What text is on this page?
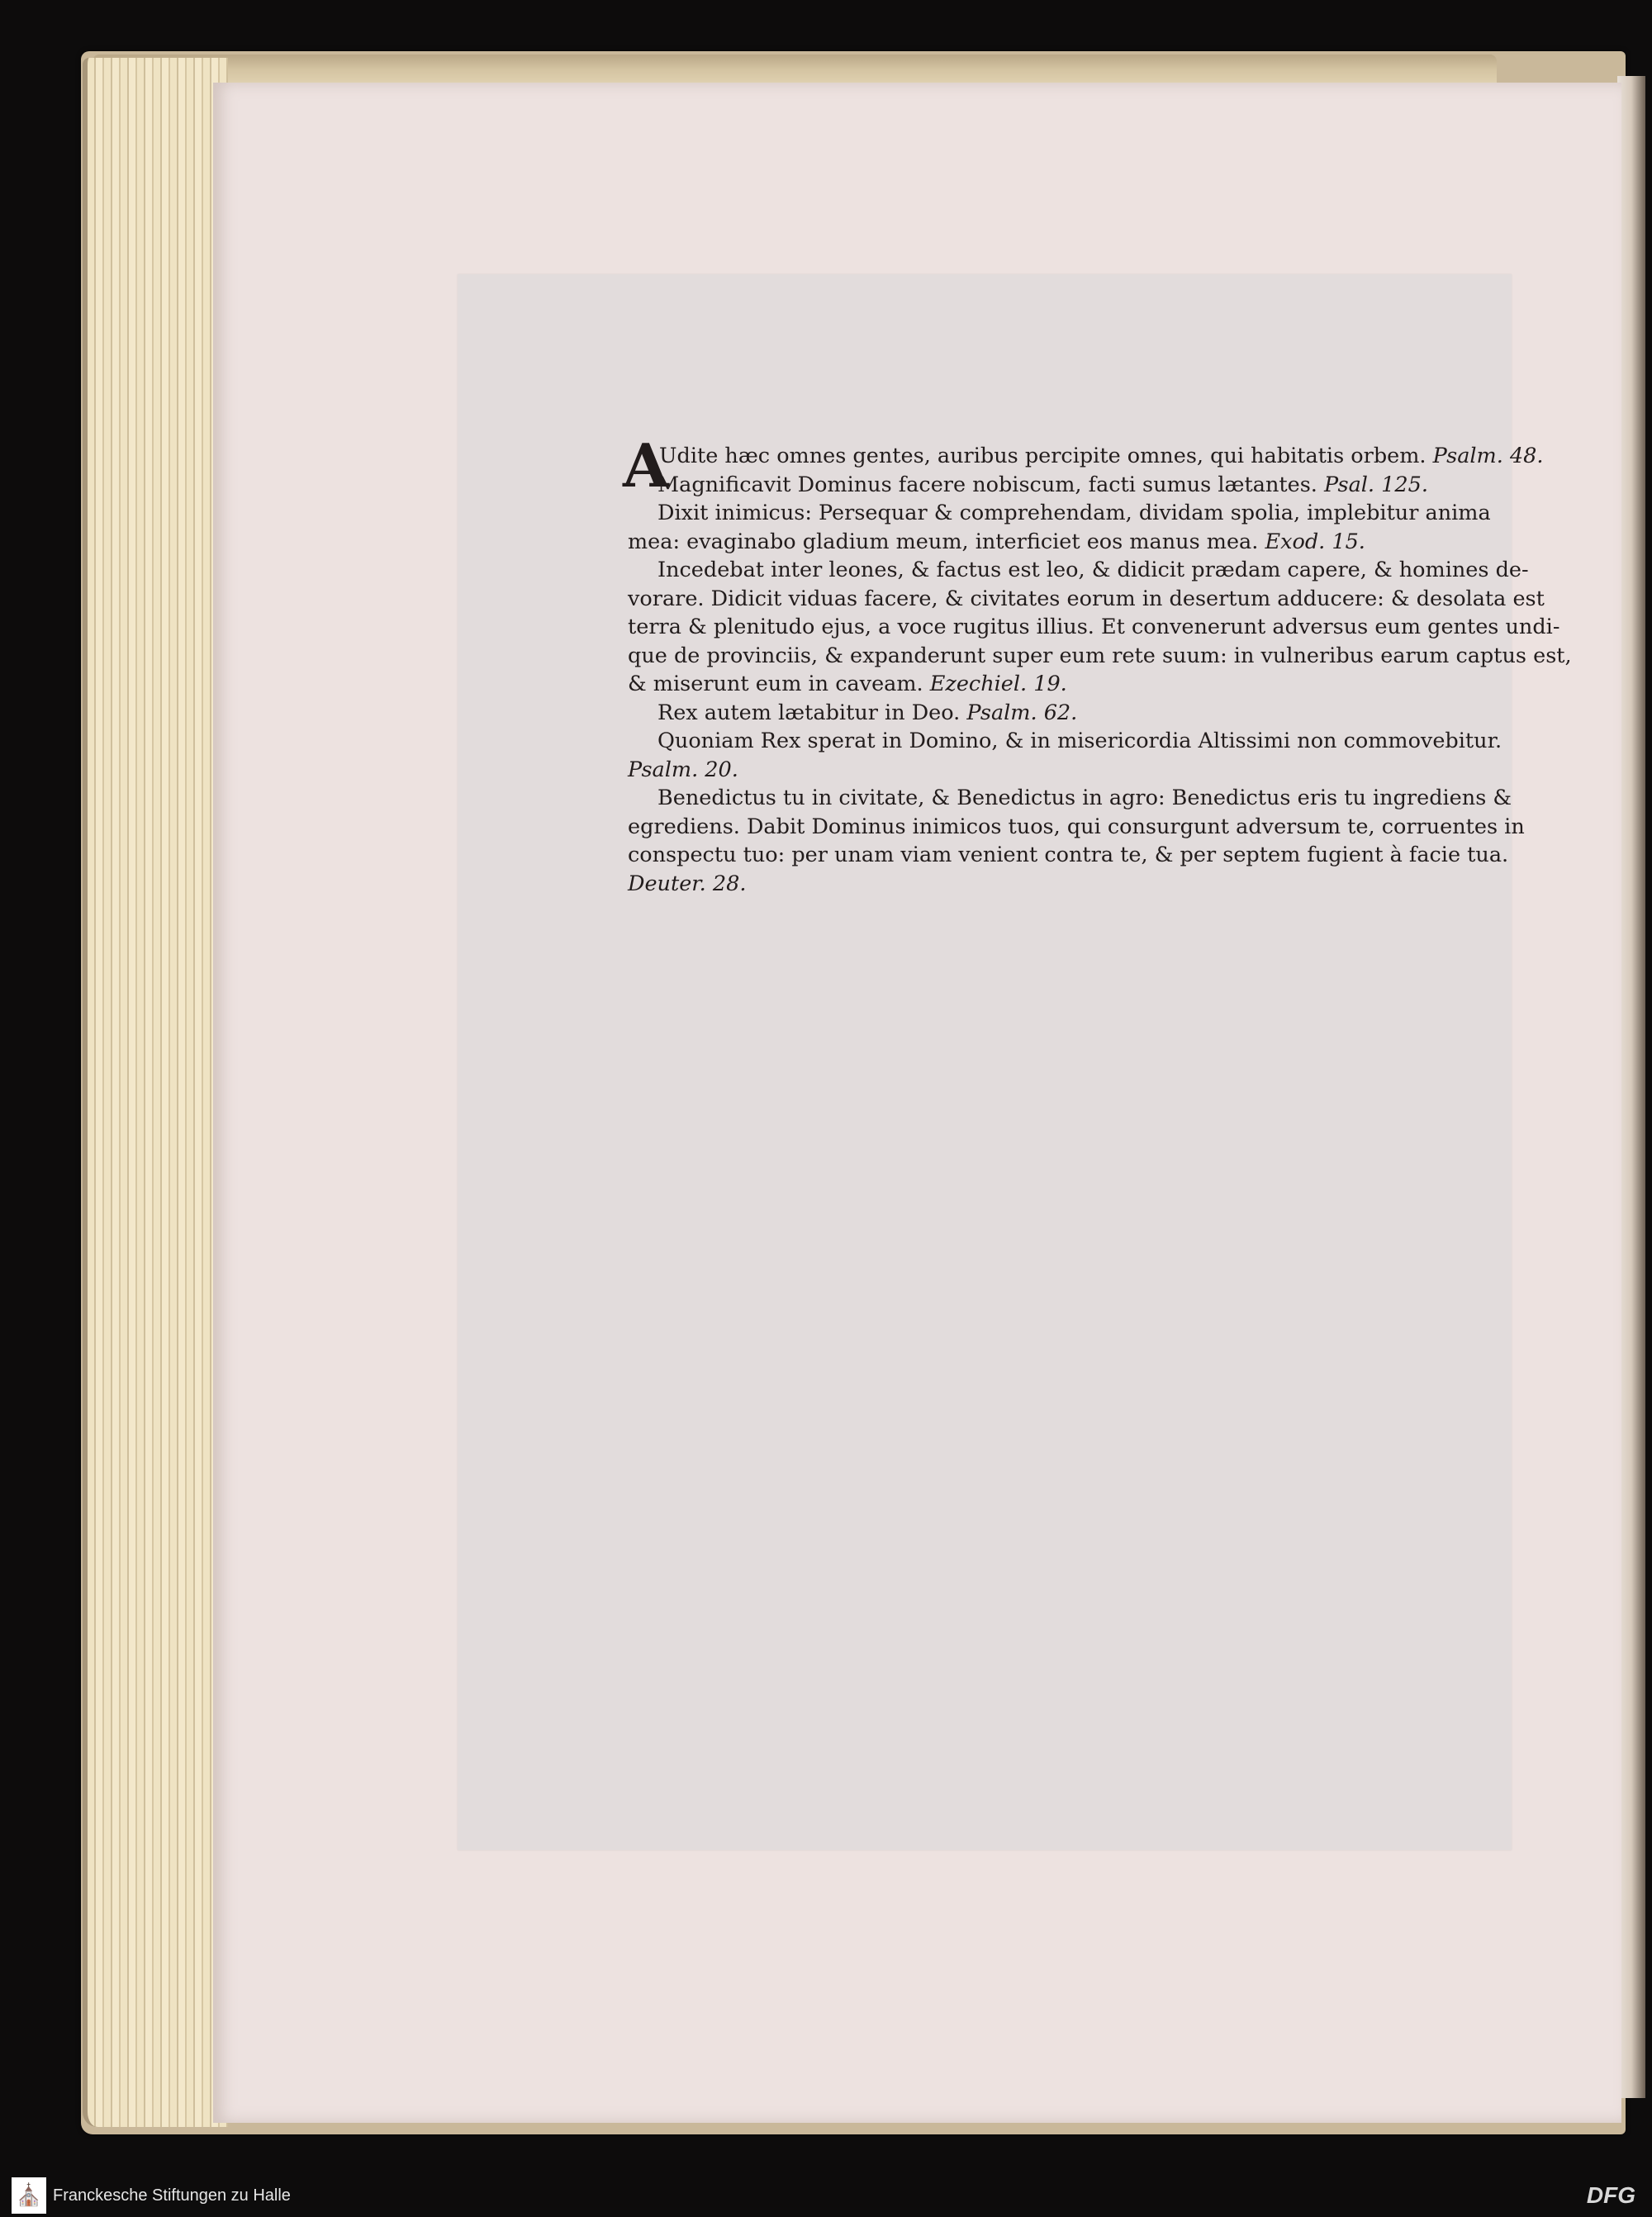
A
Udite hæc omnes gentes, auribus percipite omnes, qui habitatis orbem. Psalm. 48.
Magnificavit Dominus facere nobiscum, facti sumus lætantes. Psal. 125.
Dixit inimicus: Persequar & comprehendam, dividam spolia, implebitur anima
mea: evaginabo gladium meum, interficiet eos manus mea. Exod. 15.
Incedebat inter leones, & factus est leo, & didicit prædam capere, & homines de-
vorare. Didicit viduas facere, & civitates eorum in desertum adducere: & desolata est
terra & plenitudo ejus, a voce rugitus illius. Et convenerunt adversus eum gentes undi-
que de provinciis, & expanderunt super eum rete suum: in vulneribus earum captus est,
& miserunt eum in caveam. Ezechiel. 19.
Rex autem lætabitur in Deo. Psalm. 62.
Quoniam Rex sperat in Domino, & in misericordia Altissimi non commovebitur.
Psalm. 20.
Benedictus tu in civitate, & Benedictus in agro: Benedictus eris tu ingrediens &
egrediens. Dabit Dominus inimicos tuos, qui consurgunt adversum te, corruentes in
conspectu tuo: per unam viam venient contra te, & per septem fugient à facie tua.
Deuter. 28.
⛪ Franckesche Stiftungen zu Halle	DFG
